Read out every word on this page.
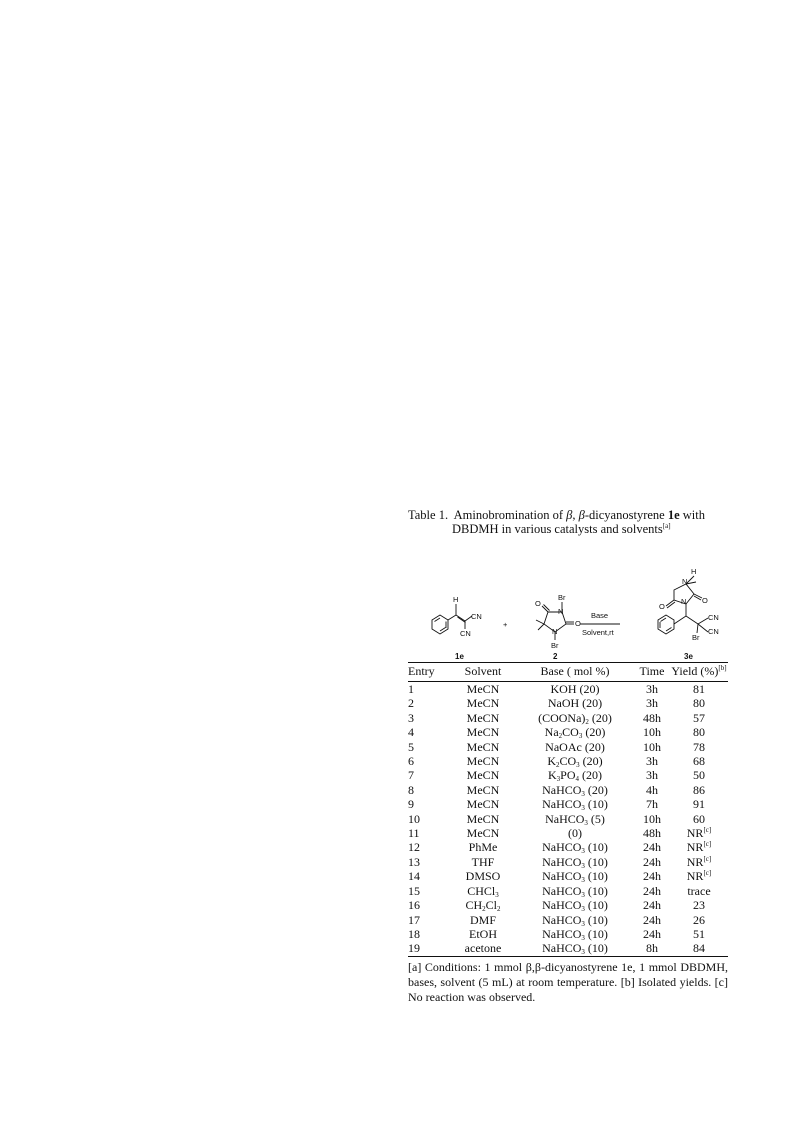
Table 1. Aminobromination of β, β-dicyanostyrene 1e with
DBDMH in various catalysts and solvents[a]
H
CN
CN
+
1e
Br
N
O
O
N
Br
2
Base
Solvent,rt
H
N
O
N O
CN
CN
Br
3e
Entry	Solvent	Base ( mol %)	Time	Yield (%)[b]
1	MeCN	KOH (20)	3h	81
2	MeCN	NaOH (20)	3h	80
3	MeCN	$(COONa)_2$ (20)	48h	57
4	MeCN	$Na_2CO_3$ (20)	10h	80
5	MeCN	NaOAc (20)	10h	78
6	MeCN	$K_2CO_3$ (20)	3h	68
7	MeCN	$K_3PO_4$ (20)	3h	50
8	MeCN	NaHCO$_3$ (20)	4h	86
9	MeCN	NaHCO$_3$ (10)	7h	91
10	MeCN	NaHCO$_3$ (5)	10h	60
11	MeCN	(0)	48h	NR[c]
12	PhMe	NaHCO$_3$ (10)	24h	NR[c]
13	THF	NaHCO$_3$ (10)	24h	NR[c]
14	DMSO	NaHCO$_3$ (10)	24h	NR[c]
15	CHCl$_3$	NaHCO$_3$ (10)	24h	trace
16	$CH_2Cl_2$	NaHCO$_3$ (10)	24h	23
17	DMF	NaHCO$_3$ (10)	24h	26
18	EtOH	NaHCO$_3$ (10)	24h	51
19	acetone	NaHCO$_3$ (10)	8h	84
[a] Conditions: 1 mmol β,β-dicyanostyrene 1e, 1 mmol DBDMH, bases, solvent (5 mL) at room temperature. [b] Isolated yields. [c] No reaction was observed.
